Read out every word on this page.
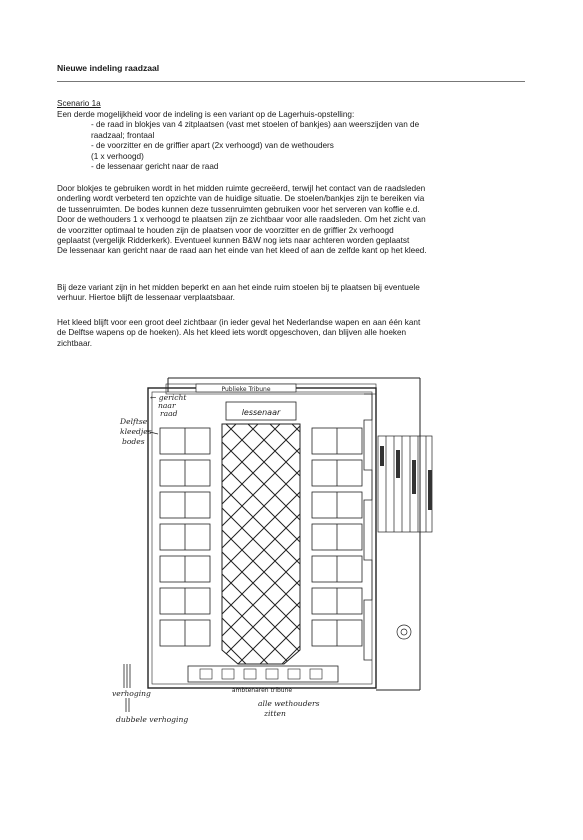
Nieuwe indeling raadzaal
Scenario 1a
Een derde mogelijkheid voor de indeling is een variant op de Lagerhuis-opstelling:
- de raad in blokjes van 4 zitplaatsen (vast met stoelen of bankjes) aan weerszijden van de
raadzaal; frontaal
- de voorzitter en de griffier apart (2x verhoogd) van de wethouders
(1 x verhoogd)
- de lessenaar gericht naar de raad
Door blokjes te gebruiken wordt in het midden ruimte gecreëerd, terwijl het contact van de raadsleden
onderling wordt verbeterd ten opzichte van de huidige situatie. De stoelen/bankjes zijn te bereiken via
de tussenruimten. De bodes kunnen deze tussenruimten gebruiken voor het serveren van koffie e.d.
Door de wethouders 1 x verhoogd te plaatsen zijn ze zichtbaar voor alle raadsleden. Om het zicht van
de voorzitter optimaal te houden zijn de plaatsen voor de voorzitter en de griffier 2x verhoogd
geplaatst (vergelijk Ridderkerk). Eventueel kunnen B&W nog iets naar achteren worden geplaatst
De lessenaar kan gericht naar de raad aan het einde van het kleed of aan de zelfde kant op het kleed.
Bij deze variant zijn in het midden beperkt en aan het einde ruim stoelen bij te plaatsen bij eventuele
verhuur. Hiertoe blijft de lessenaar verplaatsbaar.
Het kleed blijft voor een groot deel zichtbaar (in ieder geval het Nederlandse wapen en aan één kant
de Delftse wapens op de hoeken). Als het kleed iets wordt opgeschoven, dan blijven alle hoeken
zichtbaar.
Publieke Tribune
lessenaar
ambtenaren tribune
← gericht
naar
raad
Delftse
kleedjes
bodes
verhoging
dubbele verhoging
alle wethouders
zitten
